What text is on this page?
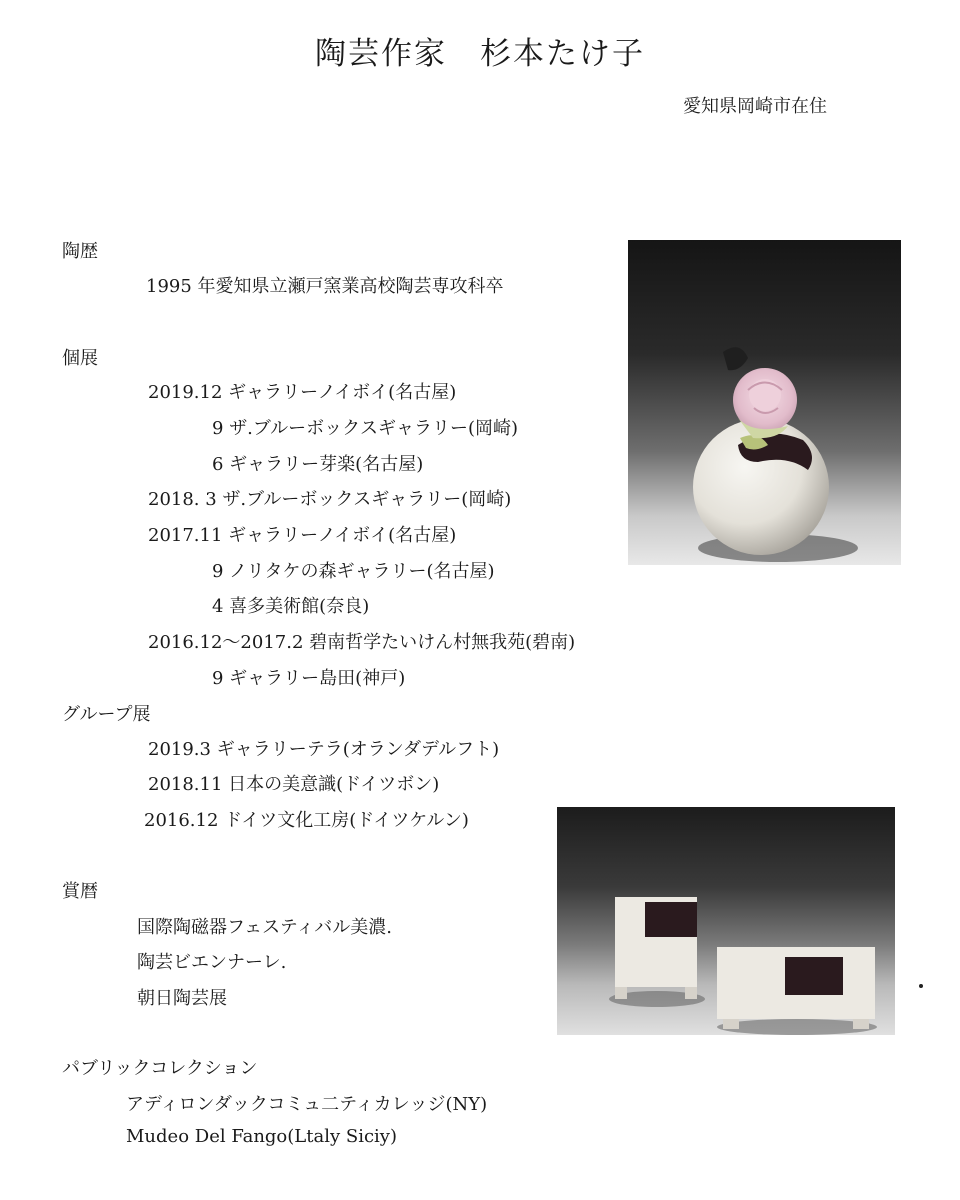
陶芸作家　杉本たけ子
愛知県岡崎市在住
陶歴
1995 年愛知県立瀬戸窯業高校陶芸専攻科卒
個展
2019.12 ギャラリーノイボイ(名古屋)
9 ザ.ブルーボックスギャラリー(岡崎)
6 ギャラリー芽楽(名古屋)
2018. 3 ザ.ブルーボックスギャラリー(岡崎)
2017.11 ギャラリーノイボイ(名古屋)
9 ノリタケの森ギャラリー(名古屋)
4 喜多美術館(奈良)
2016.12～2017.2 碧南哲学たいけん村無我苑(碧南)
9 ギャラリー島田(神戸)
グループ展
2019.3 ギャラリーテラ(オランダデルフト)
2018.11 日本の美意識(ドイツボン)
2016.12 ドイツ文化工房(ドイツケルン)
賞暦
国際陶磁器フェスティバル美濃.
陶芸ビエンナーレ.
朝日陶芸展
パブリックコレクション
アディロンダックコミュ二ティカレッジ(NY)
Mudeo Del Fango(Ltaly Siciy)
